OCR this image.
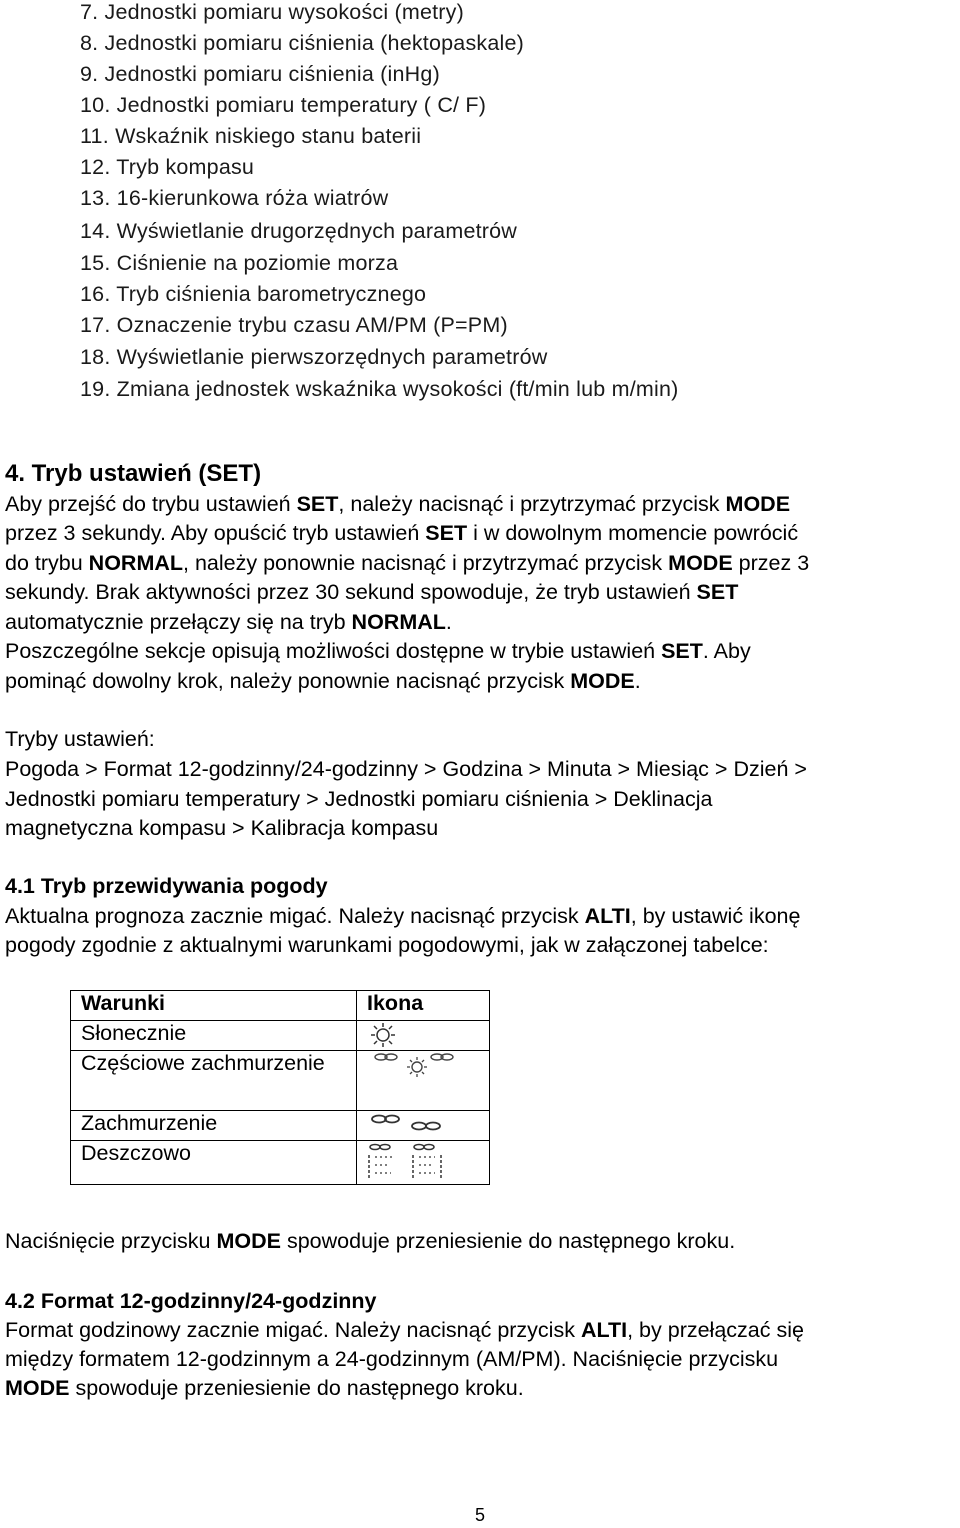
7. Jednostki pomiaru wysokości (metry)
8. Jednostki pomiaru ciśnienia (hektopaskale)
9. Jednostki pomiaru ciśnienia (inHg)
10. Jednostki pomiaru temperatury ( C/ F)
11. Wskaźnik niskiego stanu baterii
12. Tryb kompasu
13. 16-kierunkowa róża wiatrów
14. Wyświetlanie drugorzędnych parametrów
15. Ciśnienie na poziomie morza
16. Tryb ciśnienia barometrycznego
17. Oznaczenie trybu czasu AM/PM (P=PM)
18. Wyświetlanie pierwszorzędnych parametrów
19. Zmiana jednostek wskaźnika wysokości (ft/min lub m/min)
4. Tryb ustawień (SET)
Aby przejść do trybu ustawień SET, należy nacisnąć i przytrzymać przycisk MODE
przez 3 sekundy. Aby opuścić tryb ustawień SET i w dowolnym momencie powrócić
do trybu NORMAL, należy ponownie nacisnąć i przytrzymać przycisk MODE przez 3
sekundy. Brak aktywności przez 30 sekund spowoduje, że tryb ustawień SET
automatycznie przełączy się na tryb NORMAL.
Poszczególne sekcje opisują możliwości dostępne w trybie ustawień SET. Aby
pominąć dowolny krok, należy ponownie nacisnąć przycisk MODE.
Tryby ustawień:
Pogoda > Format 12-godzinny/24-godzinny > Godzina > Minuta > Miesiąc > Dzień >
Jednostki pomiaru temperatury > Jednostki pomiaru ciśnienia > Deklinacja
magnetyczna kompasu > Kalibracja kompasu
4.1 Tryb przewidywania pogody
Aktualna prognoza zacznie migać. Należy nacisnąć przycisk ALTI, by ustawić ikonę
pogody zgodnie z aktualnymi warunkami pogodowymi, jak w załączonej tabelce:
Warunki	Ikona
Słonecznie	

Częściowe zachmurzenie	

Zachmurzenie	

Deszczowo	
Naciśnięcie przycisku MODE spowoduje przeniesienie do następnego kroku.
4.2 Format 12-godzinny/24-godzinny
Format godzinowy zacznie migać. Należy nacisnąć przycisk ALTI, by przełączać się
między formatem 12-godzinnym a 24-godzinnym (AM/PM). Naciśnięcie przycisku
MODE spowoduje przeniesienie do następnego kroku.
5
